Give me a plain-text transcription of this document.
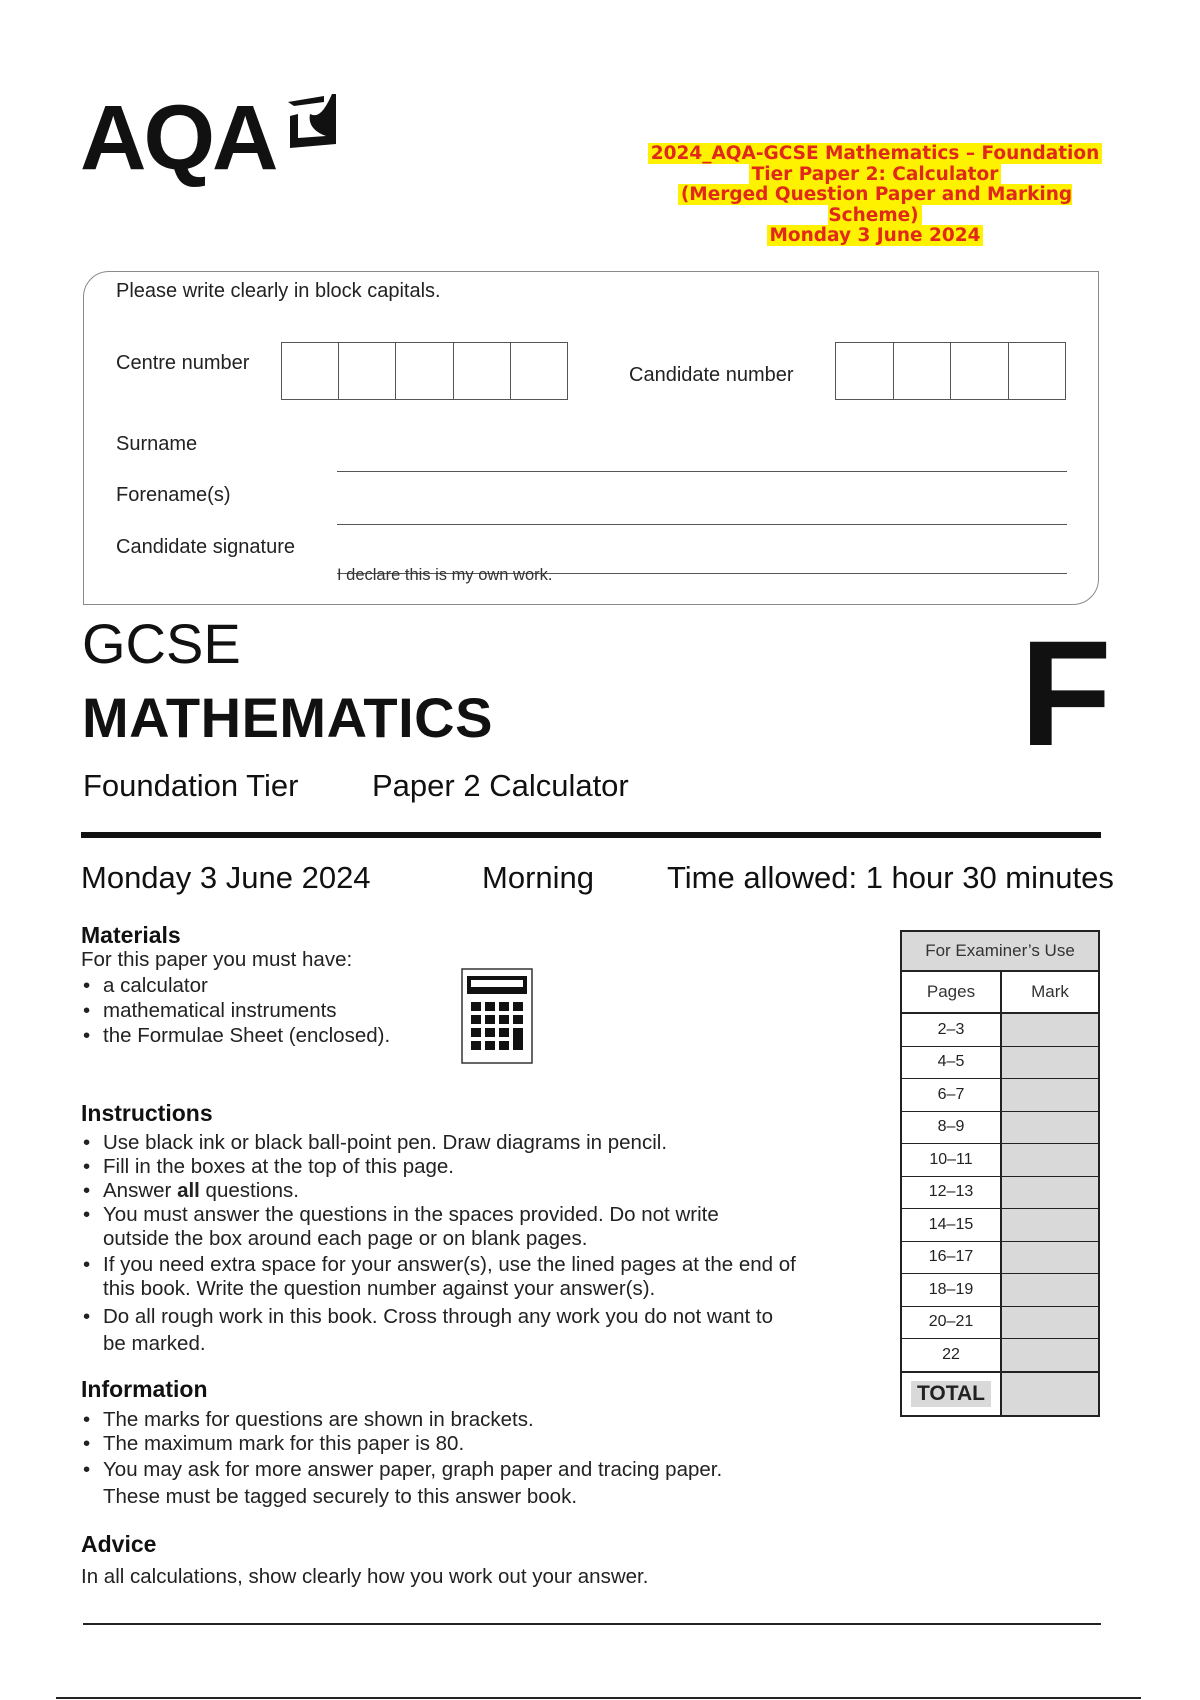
AQA	2024_AQA-GCSE Mathematics – Foundation
Tier Paper 2: Calculator
(Merged Question Paper and Marking Scheme)
Monday 3 June 2024
Please write clearly in block capitals.
Centre number
Candidate number
Surname
Forename(s)
Candidate signature
I declare this is my own work.
GCSE
MATHEMATICS	F
Foundation Tier Paper 2 Calculator
Monday 3 June 2024	Morning Time allowed: 1 hour 30 minutes
Materials
For this paper you must have:
• a calculator
• mathematical instruments
• the Formulae Sheet (enclosed).
Instructions
• Use black ink or black ball-point pen. Draw diagrams in pencil.
• Fill in the boxes at the top of this page.
• Answer all questions.
• You must answer the questions in the spaces provided. Do not write
outside the box around each page or on blank pages.
• If you need extra space for your answer(s), use the lined pages at the end of
this book. Write the question number against your answer(s).
• Do all rough work in this book. Cross through any work you do not want to
be marked.
Information
• The marks for questions are shown in brackets.
• The maximum mark for this paper is 80.
• You may ask for more answer paper, graph paper and tracing paper.
These must be tagged securely to this answer book.
Advice
In all calculations, show clearly how you work out your answer.
For Examiner’s Use
Pages	Mark
2–3
4–5
6–7
8–9
10–11
12–13
14–15
16–17
18–19
20–21
22
TOTAL
